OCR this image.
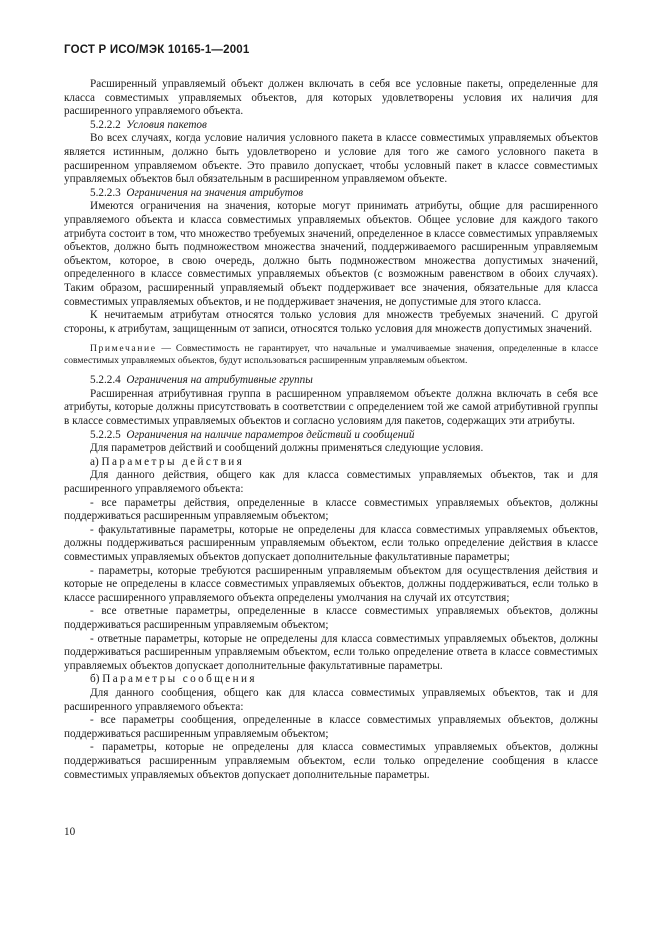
ГОСТ Р ИСО/МЭК 10165-1—2001

Расширенный управляемый объект должен включать в себя все условные пакеты, определенные для класса совместимых управляемых объектов, для которых удовлетворены условия их наличия для расширенного управляемого объекта.

5.2.2.2 Условия пакетов

Во всех случаях, когда условие наличия условного пакета в классе совместимых управляемых объектов является истинным, должно быть удовлетворено и условие для того же самого условного пакета в расширенном управляемом объекте. Это правило допускает, чтобы условный пакет в классе совместимых управляемых объектов был обязательным в расширенном управляемом объекте.

5.2.2.3 Ограничения на значения атрибутов

Имеются ограничения на значения, которые могут принимать атрибуты, общие для расширенного управляемого объекта и класса совместимых управляемых объектов. Общее условие для каждого такого атрибута состоит в том, что множество требуемых значений, определенное в классе совместимых управляемых объектов, должно быть подмножеством множества значений, поддерживаемого расширенным управляемым объектом, которое, в свою очередь, должно быть подмножеством множества допустимых значений, определенного в классе совместимых управляемых объектов (с возможным равенством в обоих случаях). Таким образом, расширенный управляемый объект поддерживает все значения, обязательные для класса совместимых управляемых объектов, и не поддерживает значения, не допустимые для этого класса.

К нечитаемым атрибутам относятся только условия для множеств требуемых значений. С другой стороны, к атрибутам, защищенным от записи, относятся только условия для множеств допустимых значений.

Примечание — Совместимость не гарантирует, что начальные и умалчиваемые значения, определенные в классе совместимых управляемых объектов, будут использоваться расширенным управляемым объектом.

5.2.2.4 Ограничения на атрибутивные группы

Расширенная атрибутивная группа в расширенном управляемом объекте должна включать в себя все атрибуты, которые должны присутствовать в соответствии с определением той же самой атрибутивной группы в классе совместимых управляемых объектов и согласно условиям для пакетов, содержащих эти атрибуты.

5.2.2.5 Ограничения на наличие параметров действий и сообщений

Для параметров действий и сообщений должны применяться следующие условия.

а) Параметры действия

Для данного действия, общего как для класса совместимых управляемых объектов, так и для расширенного управляемого объекта:

- все параметры действия, определенные в классе совместимых управляемых объектов, должны поддерживаться расширенным управляемым объектом;

- факультативные параметры, которые не определены для класса совместимых управляемых объектов, должны поддерживаться расширенным управляемым объектом, если только определение действия в классе совместимых управляемых объектов допускает дополнительные факультативные параметры;

- параметры, которые требуются расширенным управляемым объектом для осуществления действия и которые не определены в классе совместимых управляемых объектов, должны поддерживаться, если только в классе расширенного управляемого объекта определены умолчания на случай их отсутствия;

- все ответные параметры, определенные в классе совместимых управляемых объектов, должны поддерживаться расширенным управляемым объектом;

- ответные параметры, которые не определены для класса совместимых управляемых объектов, должны поддерживаться расширенным управляемым объектом, если только определение ответа в классе совместимых управляемых объектов допускает дополнительные факультативные параметры.

б) Параметры сообщения

Для данного сообщения, общего как для класса совместимых управляемых объектов, так и для расширенного управляемого объекта:

- все параметры сообщения, определенные в классе совместимых управляемых объектов, должны поддерживаться расширенным управляемым объектом;

- параметры, которые не определены для класса совместимых управляемых объектов, должны поддерживаться расширенным управляемым объектом, если только определение сообщения в классе совместимых управляемых объектов допускает дополнительные параметры.

10
